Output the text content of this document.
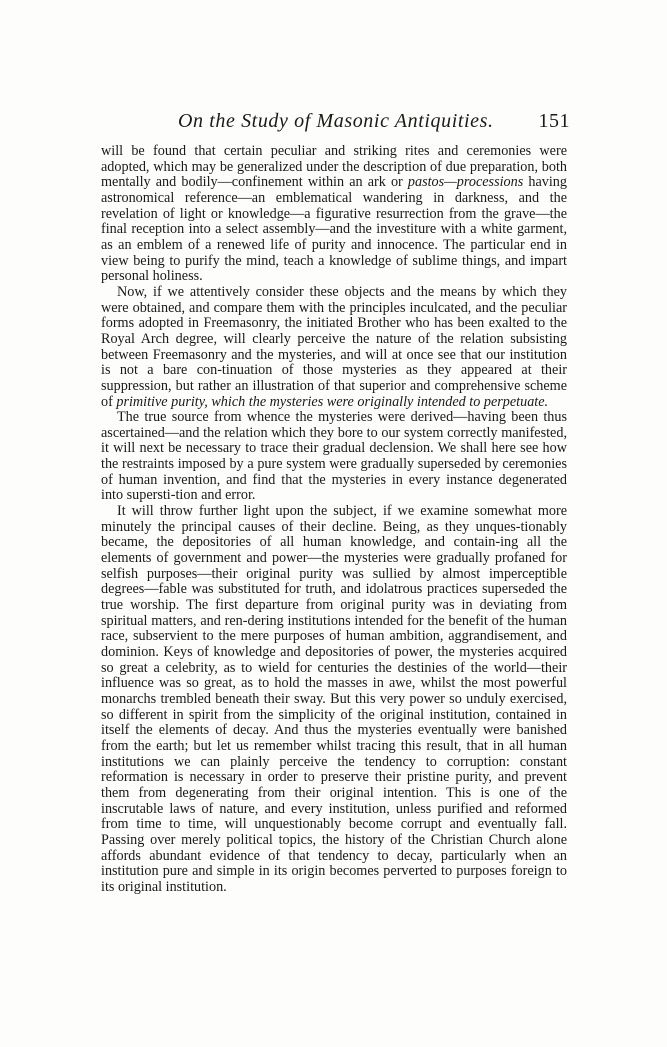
On the Study of Masonic Antiquities. 151

will be found that certain peculiar and striking rites and ceremonies were adopted, which may be generalized under the description of due preparation, both mentally and bodily—confinement within an ark or pastos—processions having astronomical reference—an emblematical wandering in darkness, and the revelation of light or knowledge—a figurative resurrection from the grave—the final reception into a select assembly—and the investiture with a white garment, as an emblem of a renewed life of purity and innocence. The particular end in view being to purify the mind, teach a knowledge of sublime things, and impart personal holiness.

Now, if we attentively consider these objects and the means by which they were obtained, and compare them with the principles inculcated, and the peculiar forms adopted in Freemasonry, the initiated Brother who has been exalted to the Royal Arch degree, will clearly perceive the nature of the relation subsisting between Freemasonry and the mysteries, and will at once see that our institution is not a bare con-tinuation of those mysteries as they appeared at their suppression, but rather an illustration of that superior and comprehensive scheme of primitive purity, which the mysteries were originally intended to perpetuate.

The true source from whence the mysteries were derived—having been thus ascertained—and the relation which they bore to our system correctly manifested, it will next be necessary to trace their gradual declension. We shall here see how the restraints imposed by a pure system were gradually superseded by ceremonies of human invention, and find that the mysteries in every instance degenerated into supersti-tion and error.

It will throw further light upon the subject, if we examine somewhat more minutely the principal causes of their decline. Being, as they unques-tionably became, the depositories of all human knowledge, and contain-ing all the elements of government and power—the mysteries were gradually profaned for selfish purposes—their original purity was sullied by almost imperceptible degrees—fable was substituted for truth, and idolatrous practices superseded the true worship. The first departure from original purity was in deviating from spiritual matters, and ren-dering institutions intended for the benefit of the human race, subservient to the mere purposes of human ambition, aggrandisement, and dominion. Keys of knowledge and depositories of power, the mysteries acquired so great a celebrity, as to wield for centuries the destinies of the world—their influence was so great, as to hold the masses in awe, whilst the most powerful monarchs trembled beneath their sway. But this very power so unduly exercised, so different in spirit from the simplicity of the original institution, contained in itself the elements of decay. And thus the mysteries eventually were banished from the earth; but let us remember whilst tracing this result, that in all human institutions we can plainly perceive the tendency to corruption: constant reformation is necessary in order to preserve their pristine purity, and prevent them from degenerating from their original intention. This is one of the inscrutable laws of nature, and every institution, unless purified and reformed from time to time, will unquestionably become corrupt and eventually fall. Passing over merely political topics, the history of the Christian Church alone affords abundant evidence of that tendency to decay, particularly when an institution pure and simple in its origin becomes perverted to purposes foreign to its original institution.
